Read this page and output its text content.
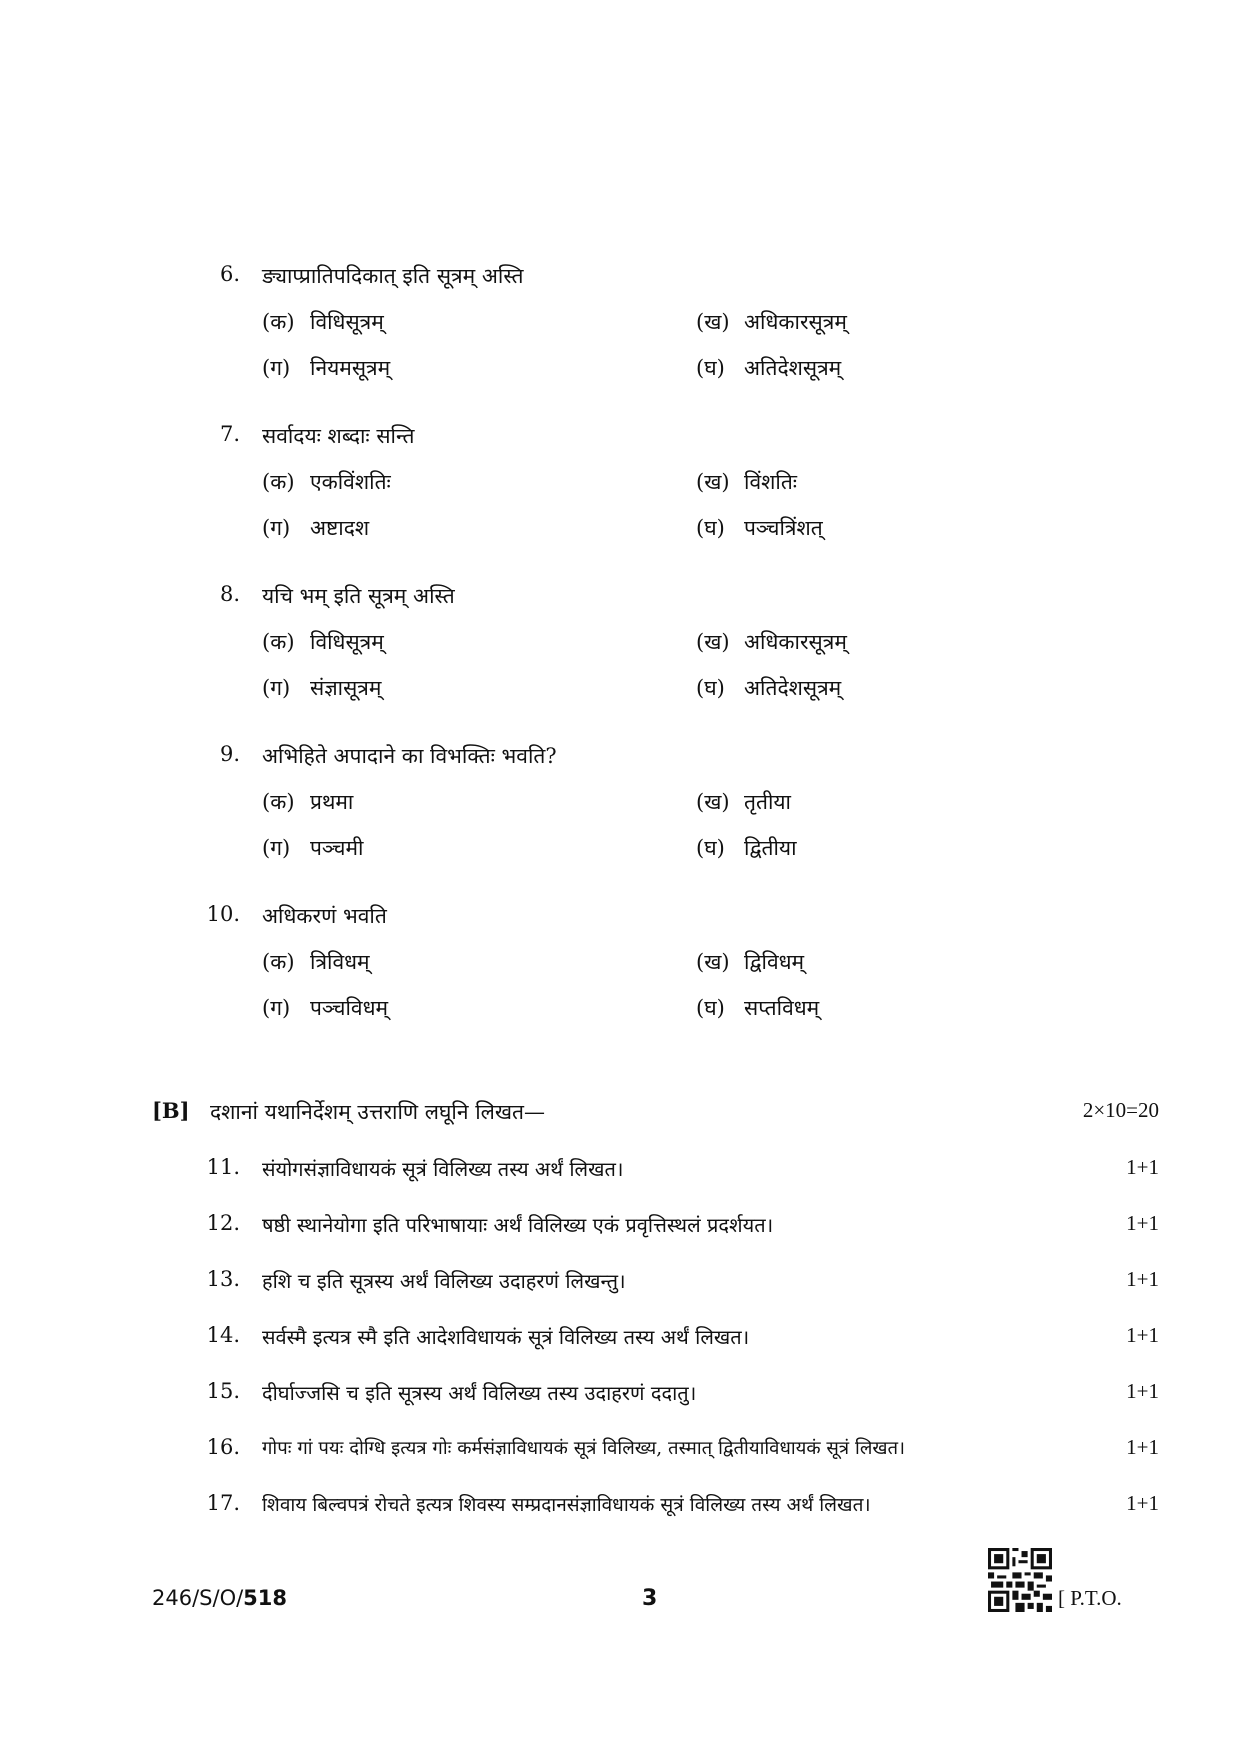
6. ङ्याप्प्रातिपदिकात् इति सूत्रम् अस्ति
(क) विधिसूत्रम्	(ख) अधिकारसूत्रम्
(ग) नियमसूत्रम्	(घ) अतिदेशसूत्रम्
7. सर्वादयः शब्दाः सन्ति
(क) एकविंशतिः	(ख) विंशतिः
(ग) अष्टादश	(घ) पञ्चत्रिंशत्
8. यचि भम् इति सूत्रम् अस्ति
(क) विधिसूत्रम्	(ख) अधिकारसूत्रम्
(ग) संज्ञासूत्रम्	(घ) अतिदेशसूत्रम्
9. अभिहिते अपादाने का विभक्तिः भवति?
(क) प्रथमा	(ख) तृतीया
(ग) पञ्चमी	(घ) द्वितीया
10. अधिकरणं भवति
(क) त्रिविधम्	(ख) द्विविधम्
(ग) पञ्चविधम्	(घ) सप्तविधम्
[B] दशानां यथानिर्देशम् उत्तराणि लघूनि लिखत—	2×10=20
11. संयोगसंज्ञाविधायकं सूत्रं विलिख्य तस्य अर्थं लिखत।	1+1
12. षष्ठी स्थानेयोगा इति परिभाषायाः अर्थं विलिख्य एकं प्रवृत्तिस्थलं प्रदर्शयत।	1+1
13. हशि च इति सूत्रस्य अर्थं विलिख्य उदाहरणं लिखन्तु।	1+1
14. सर्वस्मै इत्यत्र स्मै इति आदेशविधायकं सूत्रं विलिख्य तस्य अर्थं लिखत।	1+1
15. दीर्घाज्जसि च इति सूत्रस्य अर्थं विलिख्य तस्य उदाहरणं ददातु।	1+1
16. गोपः गां पयः दोग्धि इत्यत्र गोः कर्मसंज्ञाविधायकं सूत्रं विलिख्य, तस्मात् द्वितीयाविधायकं सूत्रं लिखत।	1+1
17. शिवाय बिल्वपत्रं रोचते इत्यत्र शिवस्य सम्प्रदानसंज्ञाविधायकं सूत्रं विलिख्य तस्य अर्थं लिखत।	1+1
246/S/O/518	3	[ P.T.O.
